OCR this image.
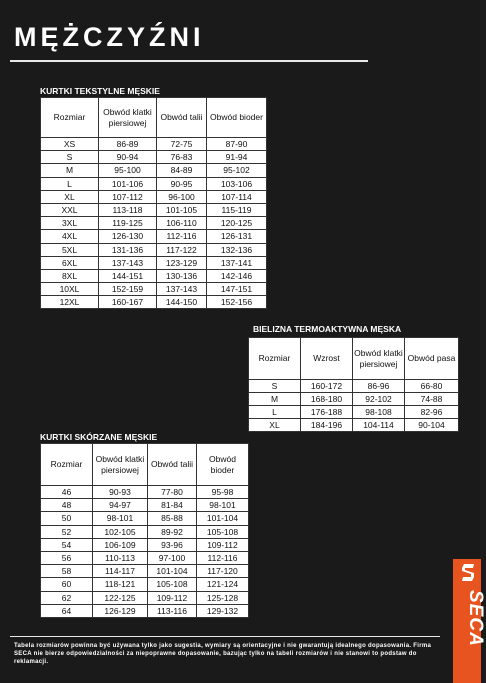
MĘŻCZYŹNI
KURTKI TEKSTYLNE MĘSKIE
Rozmiar	Obwód klatki piersiowej	Obwód talii	Obwód bioder
XS	86-89	72-75	87-90
S	90-94	76-83	91-94
M	95-100	84-89	95-102
L	101-106	90-95	103-106
XL	107-112	96-100	107-114
XXL	113-118	101-105	115-119
3XL	119-125	106-110	120-125
4XL	126-130	112-116	126-131
5XL	131-136	117-122	132-136
6XL	137-143	123-129	137-141
8XL	144-151	130-136	142-146
10XL	152-159	137-143	147-151
12XL	160-167	144-150	152-156
BIELIZNA TERMOAKTYWNA MĘSKA
Rozmiar	Wzrost	Obwód klatki piersiowej	Obwód pasa
S	160-172	86-96	66-80
M	168-180	92-102	74-88
L	176-188	98-108	82-96
XL	184-196	104-114	90-104
KURTKI SKÓRZANE MĘSKIE
Rozmiar	Obwód klatki piersiowej	Obwód talii	Obwód bioder
46	90-93	77-80	95-98
48	94-97	81-84	98-101
50	98-101	85-88	101-104
52	102-105	89-92	105-108
54	106-109	93-96	109-112
56	110-113	97-100	112-116
58	114-117	101-104	117-120
60	118-121	105-108	121-124
62	122-125	109-112	125-128
64	126-129	113-116	129-132
Tabela rozmiarów powinna być używana tylko jako sugestia, wymiary są orientacyjne i nie gwarantują idealnego dopasowania. Firma SECA nie bierze odpowiedzialności za niepoprawne dopasowanie, bazując tylko na tabeli rozmiarów i nie stanowi to podstaw do reklamacji.
SECA
